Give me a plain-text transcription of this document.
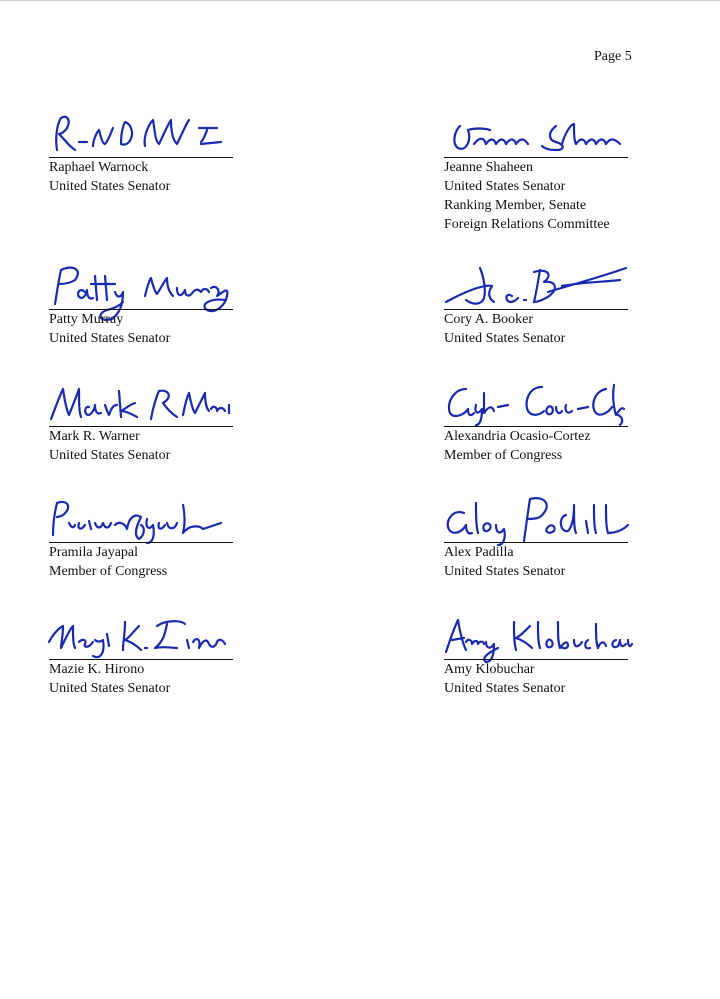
Page 5
Raphael Warnock
United States Senator
Jeanne Shaheen
United States Senator
Ranking Member, Senate
Foreign Relations Committee
Patty Murray
United States Senator
Cory A. Booker
United States Senator
Mark R. Warner
United States Senator
Alexandria Ocasio-Cortez
Member of Congress
Pramila Jayapal
Member of Congress
Alex Padilla
United States Senator
Mazie K. Hirono
United States Senator
Amy Klobuchar
United States Senator
